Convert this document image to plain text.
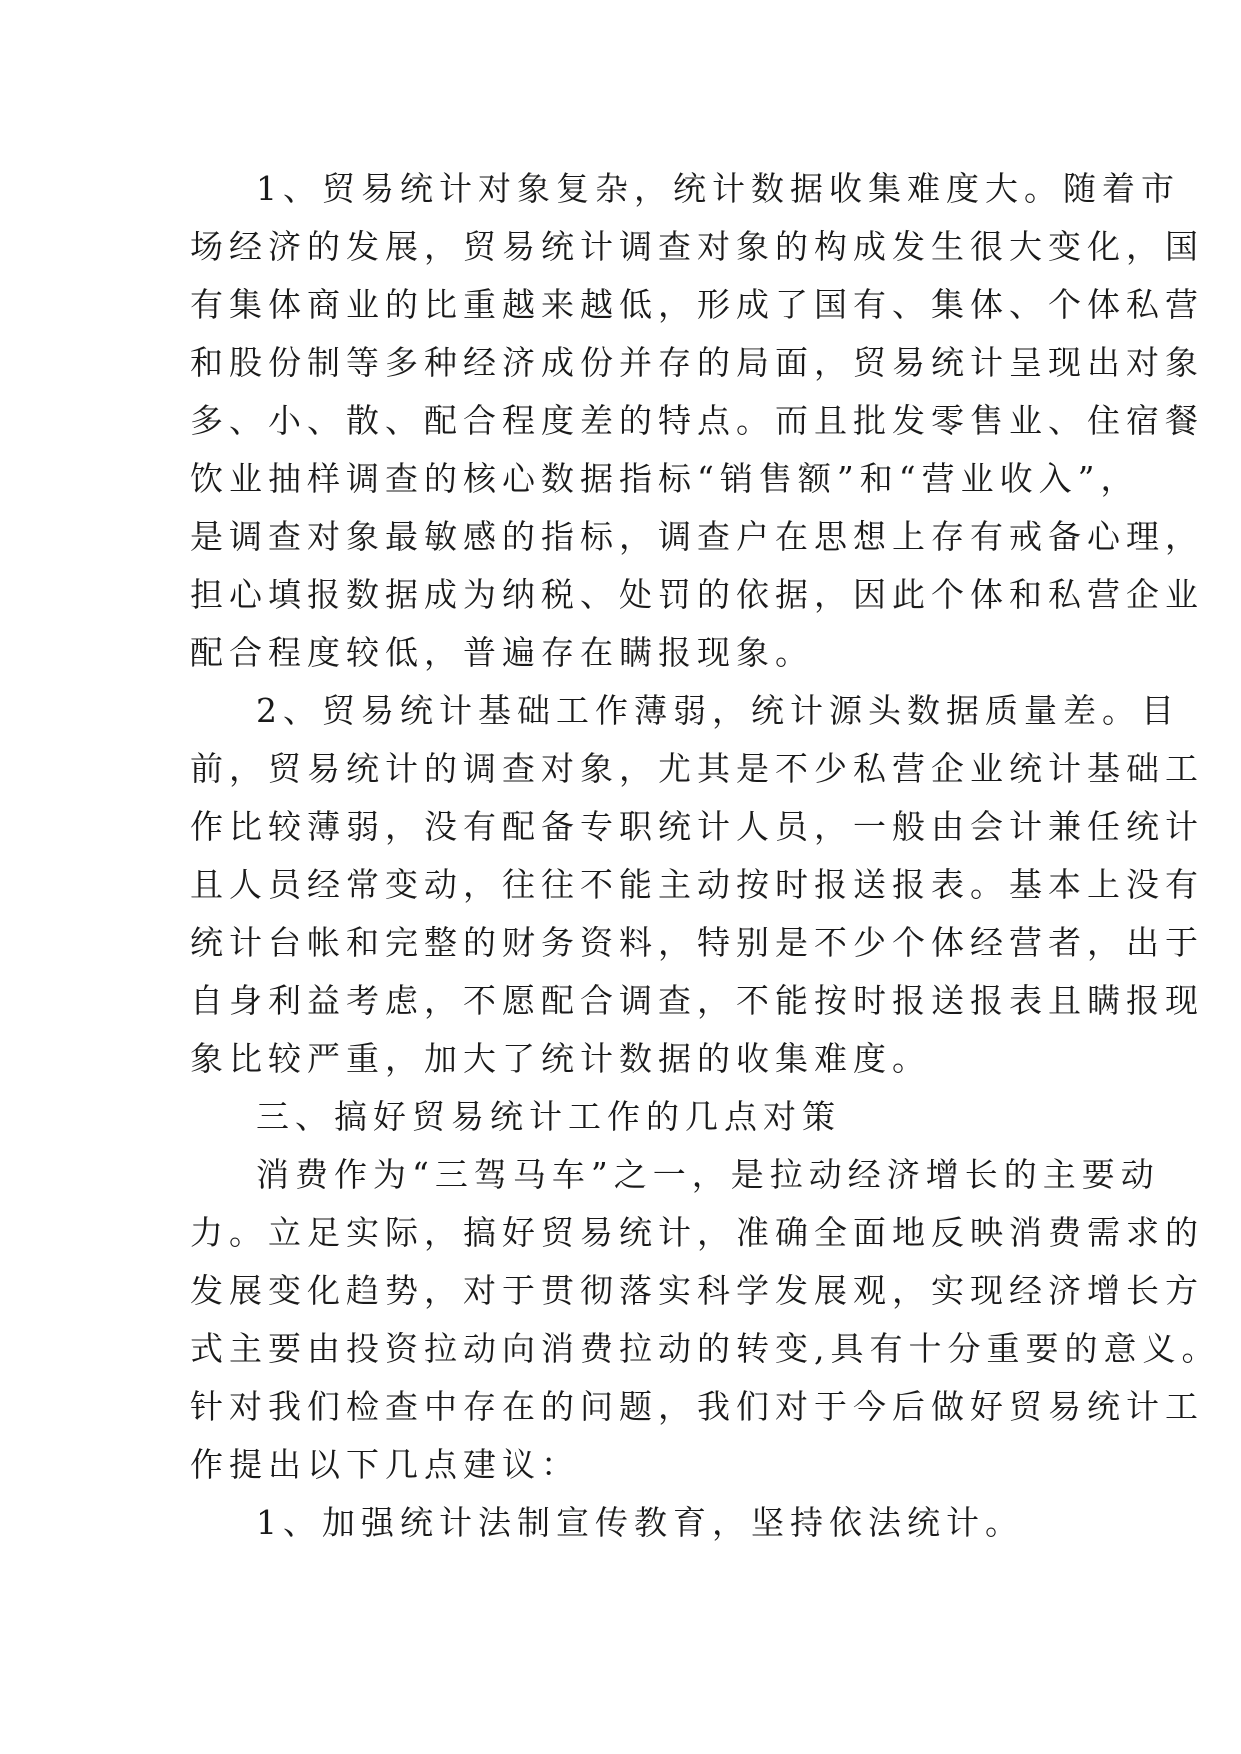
1、贸易统计对象复杂，统计数据收集难度大。随着市
场经济的发展，贸易统计调查对象的构成发生很大变化，国
有集体商业的比重越来越低，形成了国有、集体、个体私营
和股份制等多种经济成份并存的局面，贸易统计呈现出对象
多、小、散、配合程度差的特点。而且批发零售业、住宿餐
饮业抽样调查的核心数据指标“销售额”和“营业收入”，
是调查对象最敏感的指标，调查户在思想上存有戒备心理，
担心填报数据成为纳税、处罚的依据，因此个体和私营企业
配合程度较低，普遍存在瞒报现象。
2、贸易统计基础工作薄弱，统计源头数据质量差。目
前，贸易统计的调查对象，尤其是不少私营企业统计基础工
作比较薄弱，没有配备专职统计人员，一般由会计兼任统计
且人员经常变动，往往不能主动按时报送报表。基本上没有
统计台帐和完整的财务资料，特别是不少个体经营者，出于
自身利益考虑，不愿配合调查，不能按时报送报表且瞒报现
象比较严重，加大了统计数据的收集难度。
三、搞好贸易统计工作的几点对策
消费作为“三驾马车”之一，是拉动经济增长的主要动
力。立足实际，搞好贸易统计，准确全面地反映消费需求的
发展变化趋势，对于贯彻落实科学发展观，实现经济增长方
式主要由投资拉动向消费拉动的转变,具有十分重要的意义。
针对我们检查中存在的问题，我们对于今后做好贸易统计工
作提出以下几点建议：
1、加强统计法制宣传教育，坚持依法统计。
